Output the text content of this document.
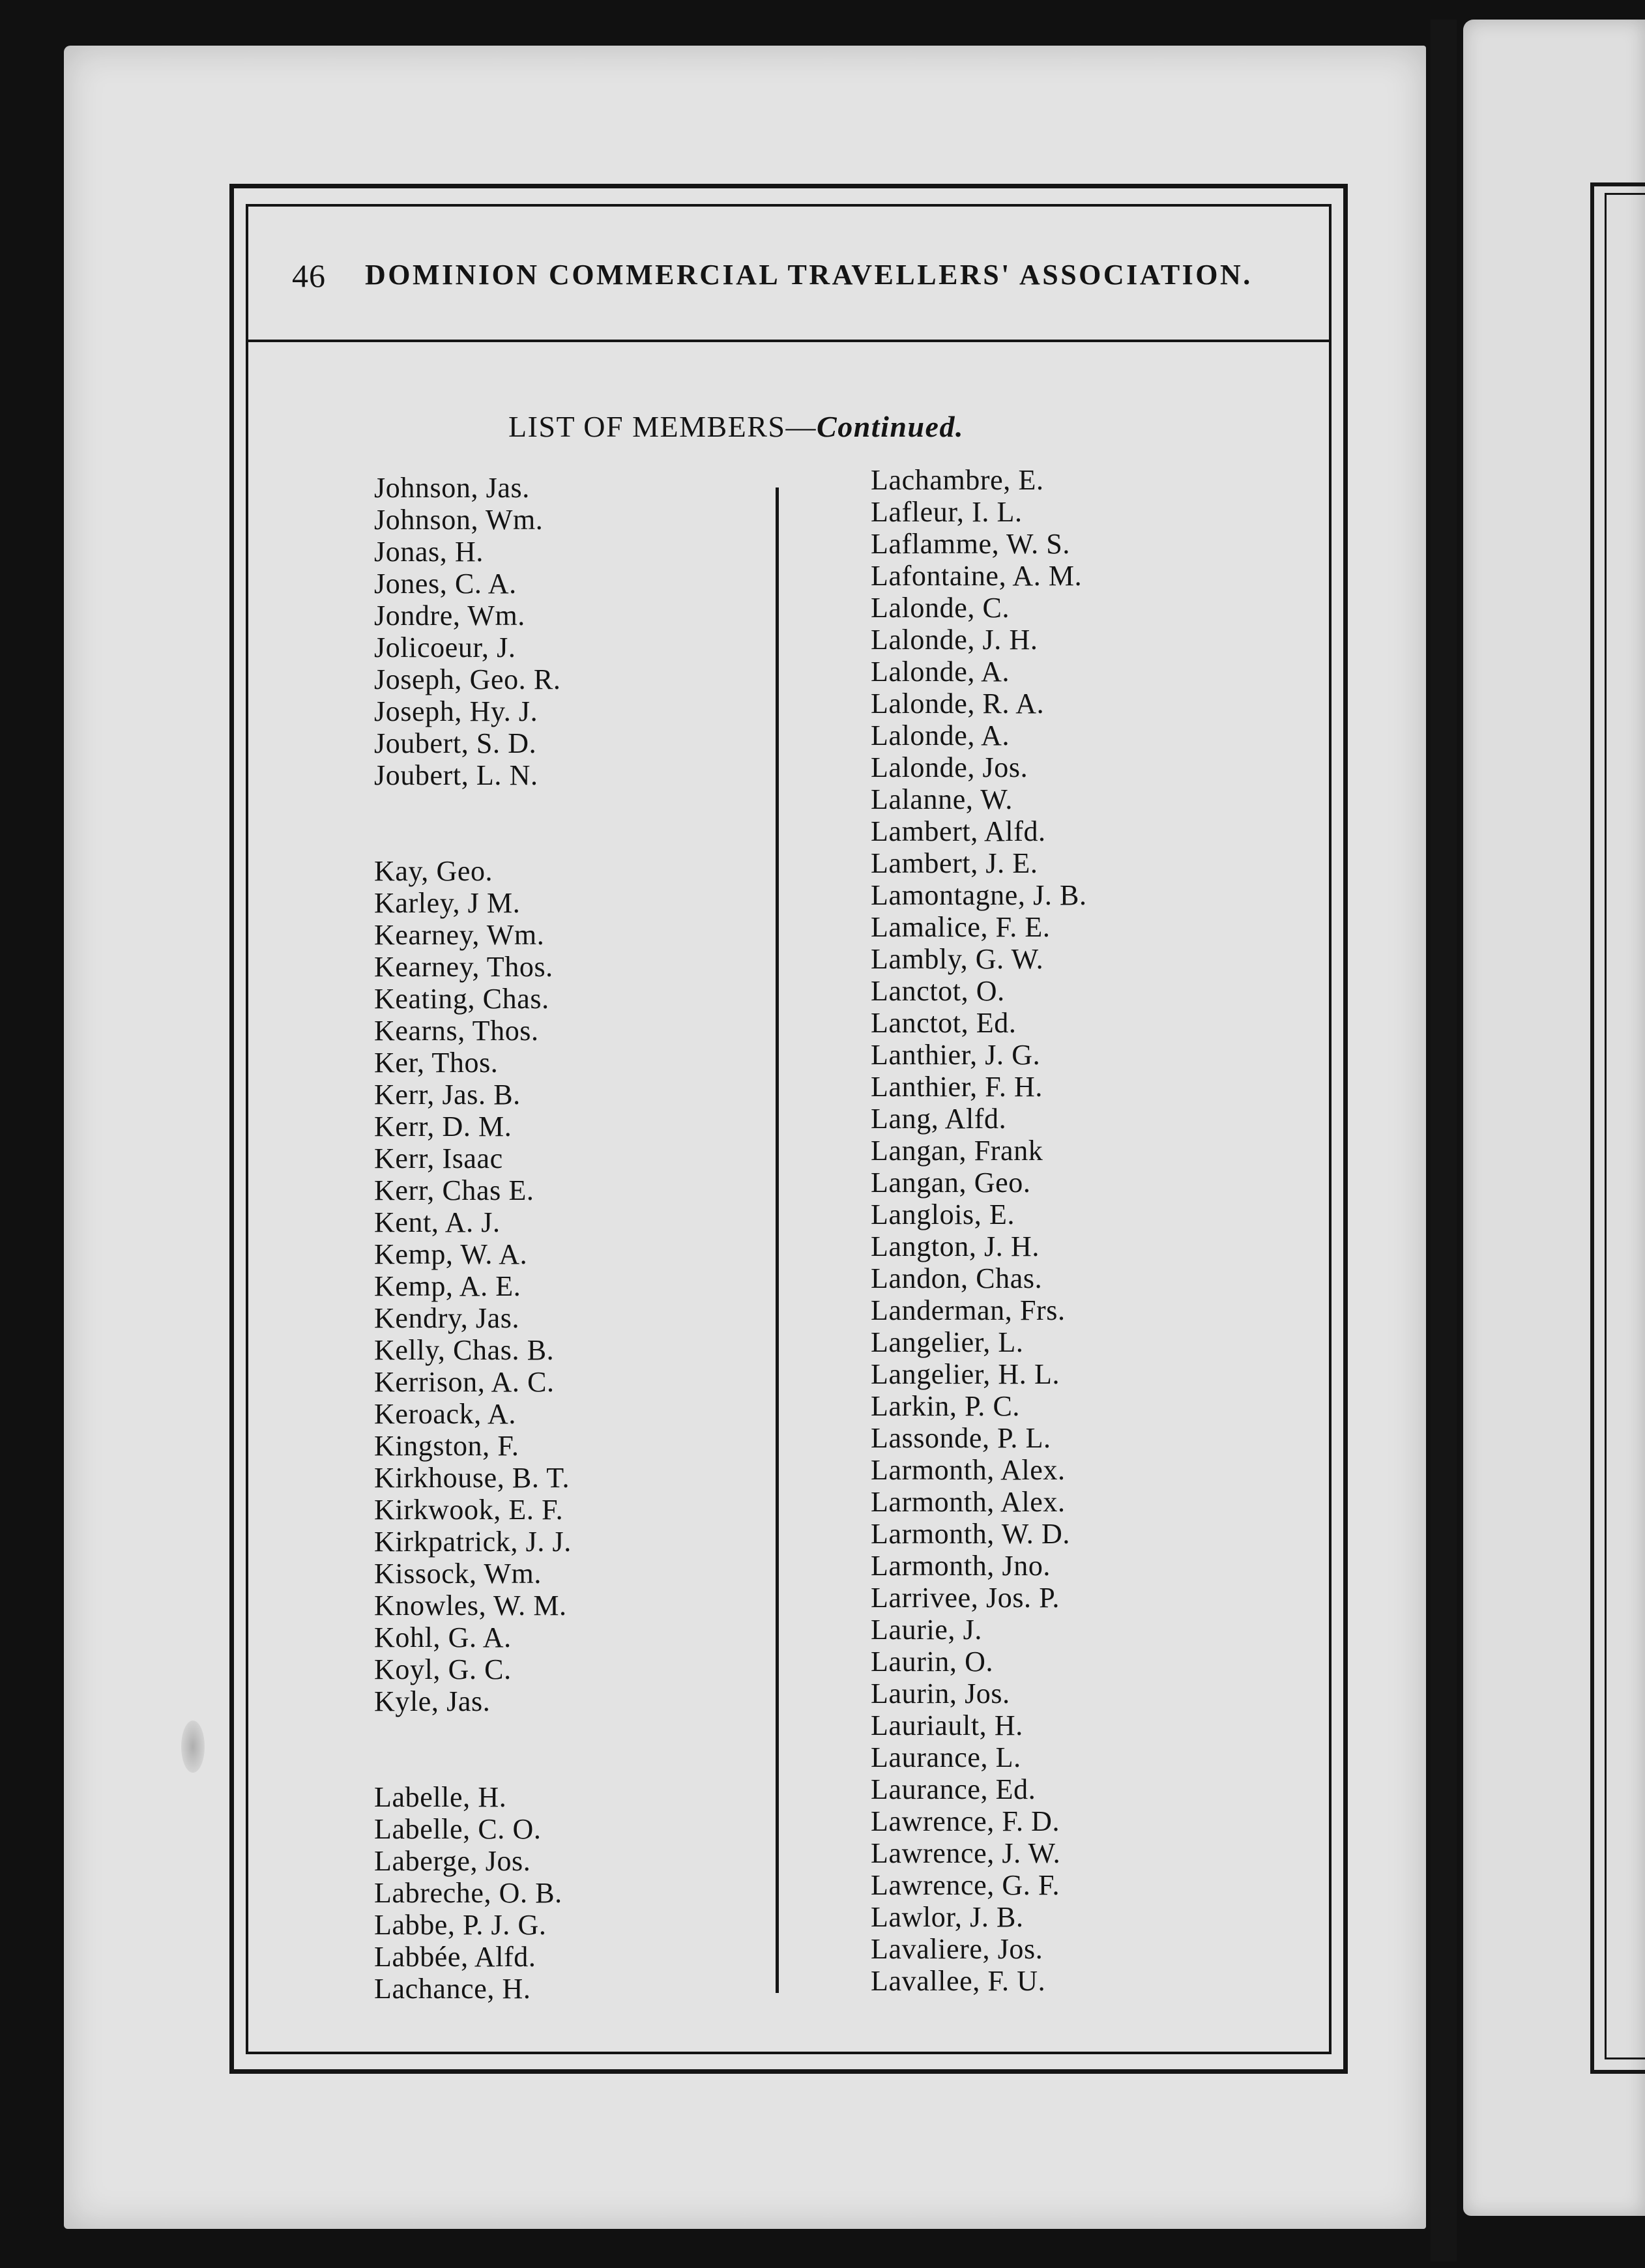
46 DOMINION COMMERCIAL TRAVELLERS' ASSOCIATION.
LIST OF MEMBERS—Continued.
Johnson, Jas.
Johnson, Wm.
Jonas, H.
Jones, C. A.
Jondre, Wm.
Jolicoeur, J.
Joseph, Geo. R.
Joseph, Hy. J.
Joubert, S. D.
Joubert, L. N.
Kay, Geo.
Karley, J M.
Kearney, Wm.
Kearney, Thos.
Keating, Chas.
Kearns, Thos.
Ker, Thos.
Kerr, Jas. B.
Kerr, D. M.
Kerr, Isaac
Kerr, Chas E.
Kent, A. J.
Kemp, W. A.
Kemp, A. E.
Kendry, Jas.
Kelly, Chas. B.
Kerrison, A. C.
Keroack, A.
Kingston, F.
Kirkhouse, B. T.
Kirkwook, E. F.
Kirkpatrick, J. J.
Kissock, Wm.
Knowles, W. M.
Kohl, G. A.
Koyl, G. C.
Kyle, Jas.
Labelle, H.
Labelle, C. O.
Laberge, Jos.
Labreche, O. B.
Labbe, P. J. G.
Labbée, Alfd.
Lachance, H.
Lachambre, E.
Lafleur, I. L.
Laflamme, W. S.
Lafontaine, A. M.
Lalonde, C.
Lalonde, J. H.
Lalonde, A.
Lalonde, R. A.
Lalonde, A.
Lalonde, Jos.
Lalanne, W.
Lambert, Alfd.
Lambert, J. E.
Lamontagne, J. B.
Lamalice, F. E.
Lambly, G. W.
Lanctot, O.
Lanctot, Ed.
Lanthier, J. G.
Lanthier, F. H.
Lang, Alfd.
Langan, Frank
Langan, Geo.
Langlois, E.
Langton, J. H.
Landon, Chas.
Landerman, Frs.
Langelier, L.
Langelier, H. L.
Larkin, P. C.
Lassonde, P. L.
Larmonth, Alex.
Larmonth, Alex.
Larmonth, W. D.
Larmonth, Jno.
Larrivee, Jos. P.
Laurie, J.
Laurin, O.
Laurin, Jos.
Lauriault, H.
Laurance, L.
Laurance, Ed.
Lawrence, F. D.
Lawrence, J. W.
Lawrence, G. F.
Lawlor, J. B.
Lavaliere, Jos.
Lavallee, F. U.
